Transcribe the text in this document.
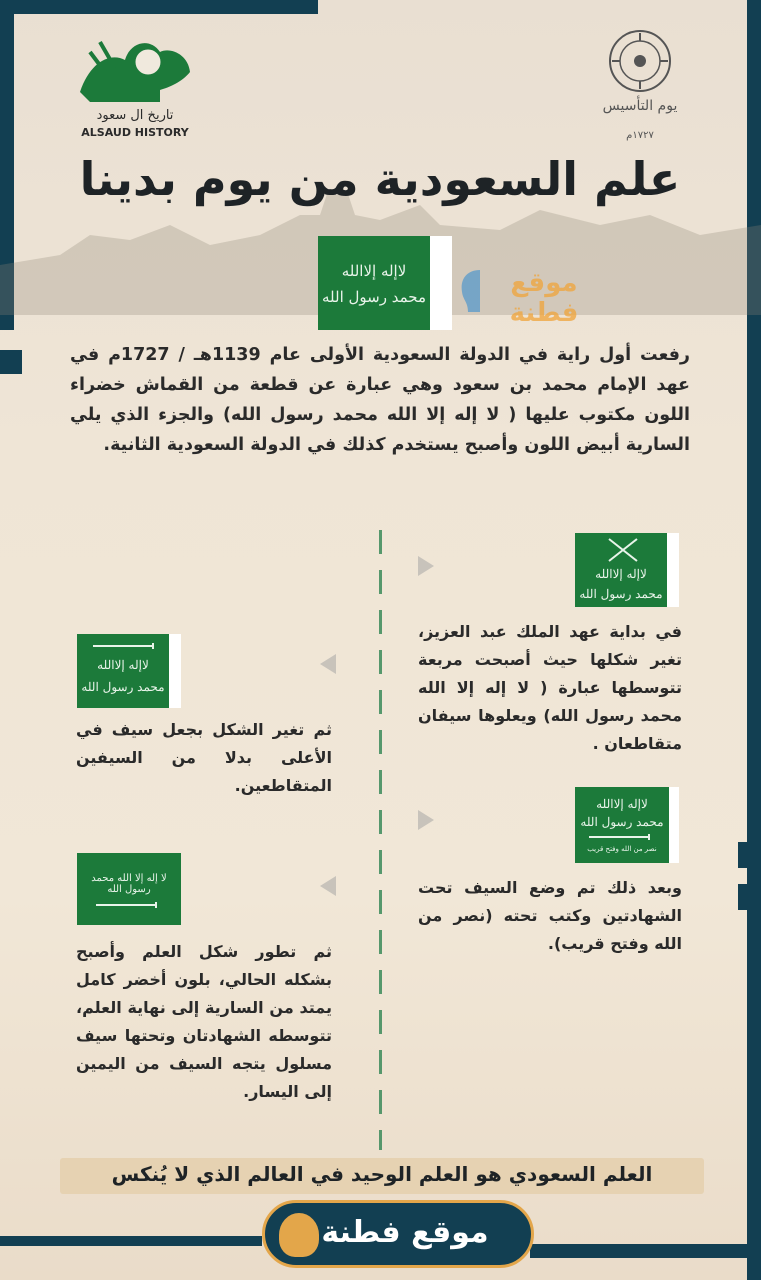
تاريخ ال سعود
ALSAUD HISTORY
يوم التأسيس
١٧٢٧م
علم السعودية من يوم بدينا
لاإله إلاالله
محمد رسول الله	موقع فطنة
رفعت أول راية في الدولة السعودية الأولى عام 1139هـ / 1727م في عهد الإمام محمد بن سعود وهي عبارة عن قطعة من القماش خضراء اللون مكتوب عليها ( لا إله إلا الله محمد رسول الله) والجزء الذي يلي السارية أبيض اللون وأصبح يستخدم كذلك في الدولة السعودية الثانية.
لاإله إلاالله
محمد رسول الله
في بداية عهد الملك عبد العزيز، تغير شكلها حيث أصبحت مربعة تتوسطها عبارة ( لا إله إلا الله محمد رسول الله) ويعلوها سيفان متقاطعان .
لاإله إلاالله
محمد رسول الله
نصر من الله وفتح قريب
وبعد ذلك تم وضع السيف تحت الشهادتين وكتب تحته (نصر من الله وفتح قريب).
لاإله إلاالله
محمد رسول الله
ثم تغير الشكل بجعل سيف في الأعلى بدلا من السيفين المتقاطعين.
لا إله إلا الله محمد رسول الله
ثم تطور شكل العلم وأصبح بشكله الحالي، بلون أخضر كامل يمتد من السارية إلى نهاية العلم، تتوسطه الشهادتان وتحتها سيف مسلول يتجه السيف من اليمين إلى اليسار.
العلم السعودي هو العلم الوحيد في العالم الذي لا يُنكس
موقع فطنة
